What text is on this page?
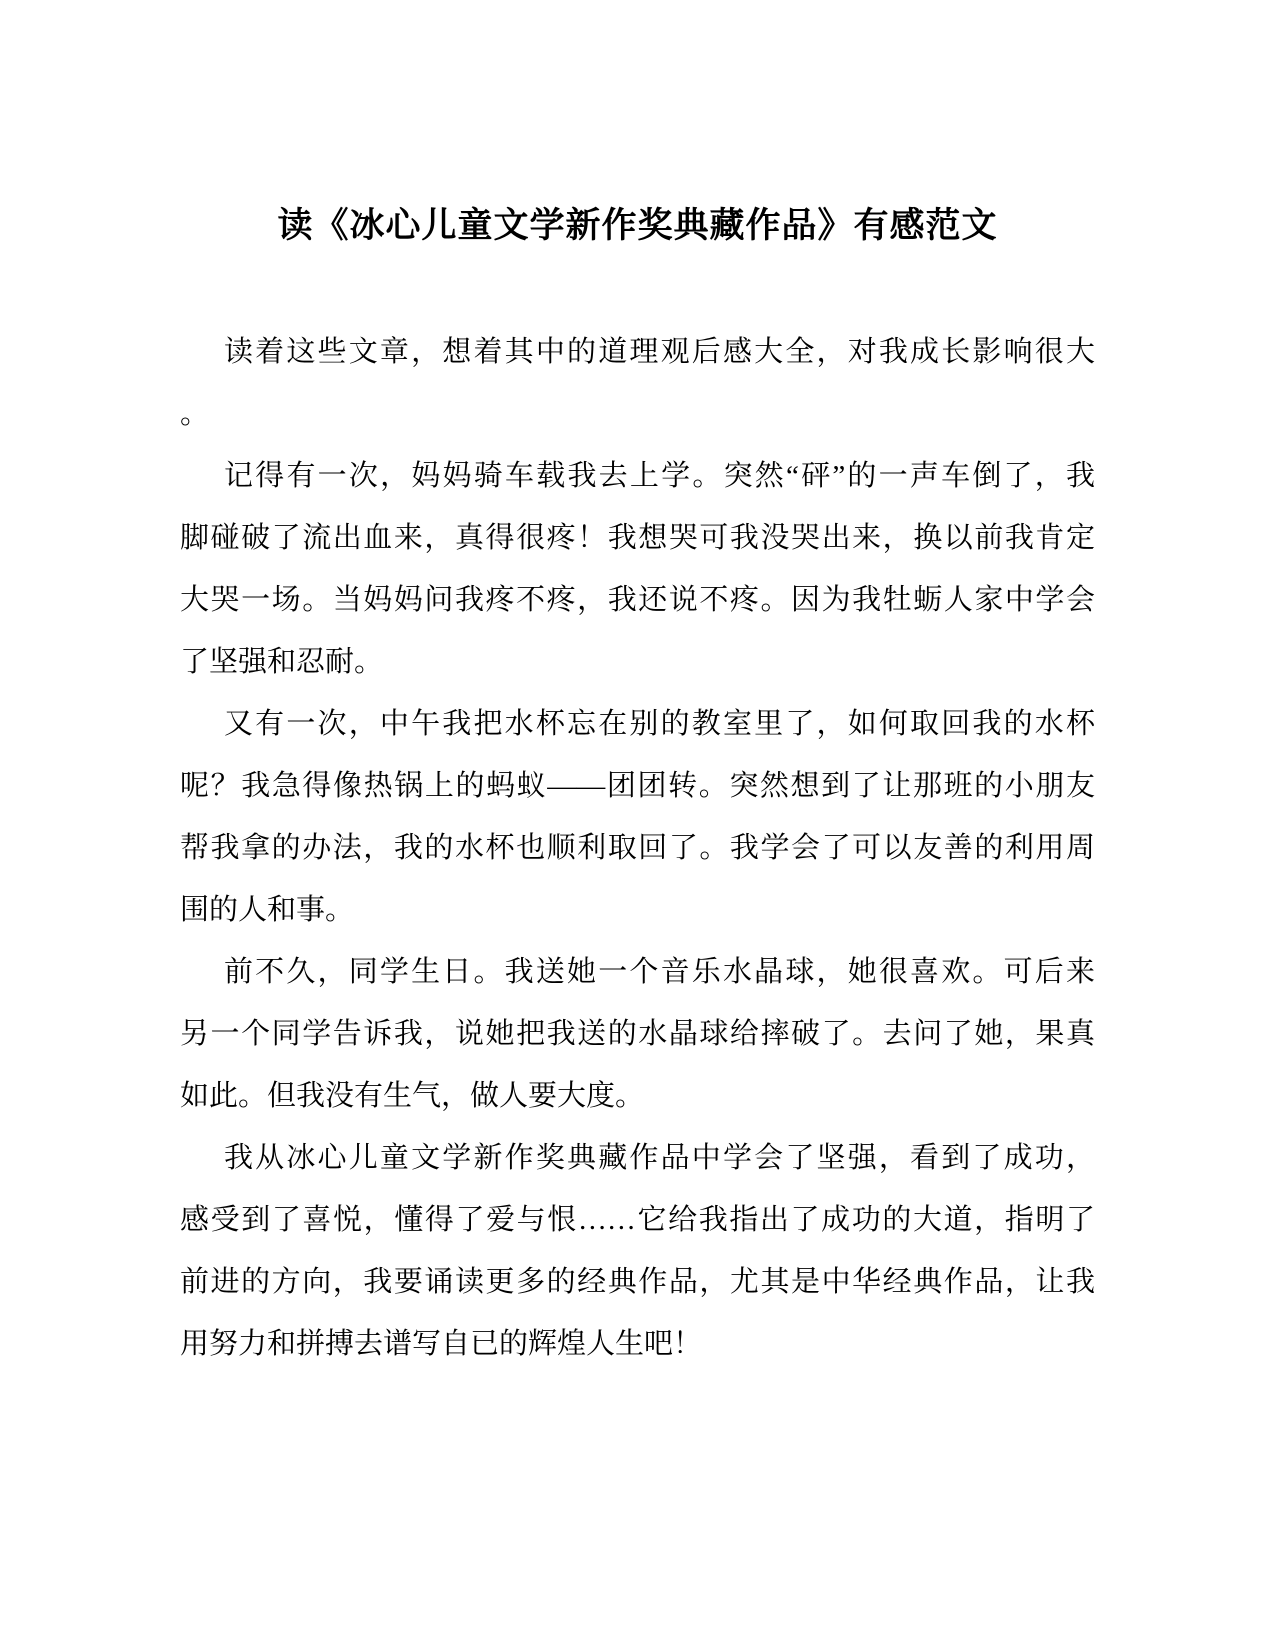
读《冰心儿童文学新作奖典藏作品》有感范文
读着这些文章，想着其中的道理观后感大全，对我成长影响很大
。
记得有一次，妈妈骑车载我去上学。突然“砰”的一声车倒了，我
脚碰破了流出血来，真得很疼！我想哭可我没哭出来，换以前我肯定
大哭一场。当妈妈问我疼不疼，我还说不疼。因为我牡蛎人家中学会
了坚强和忍耐。
又有一次，中午我把水杯忘在别的教室里了，如何取回我的水杯
呢？我急得像热锅上的蚂蚁——团团转。突然想到了让那班的小朋友
帮我拿的办法，我的水杯也顺利取回了。我学会了可以友善的利用周
围的人和事。
前不久，同学生日。我送她一个音乐水晶球，她很喜欢。可后来
另一个同学告诉我，说她把我送的水晶球给摔破了。去问了她，果真
如此。但我没有生气，做人要大度。
我从冰心儿童文学新作奖典藏作品中学会了坚强，看到了成功，
感受到了喜悦，懂得了爱与恨……它给我指出了成功的大道，指明了
前进的方向，我要诵读更多的经典作品，尤其是中华经典作品，让我
用努力和拼搏去谱写自已的辉煌人生吧！
